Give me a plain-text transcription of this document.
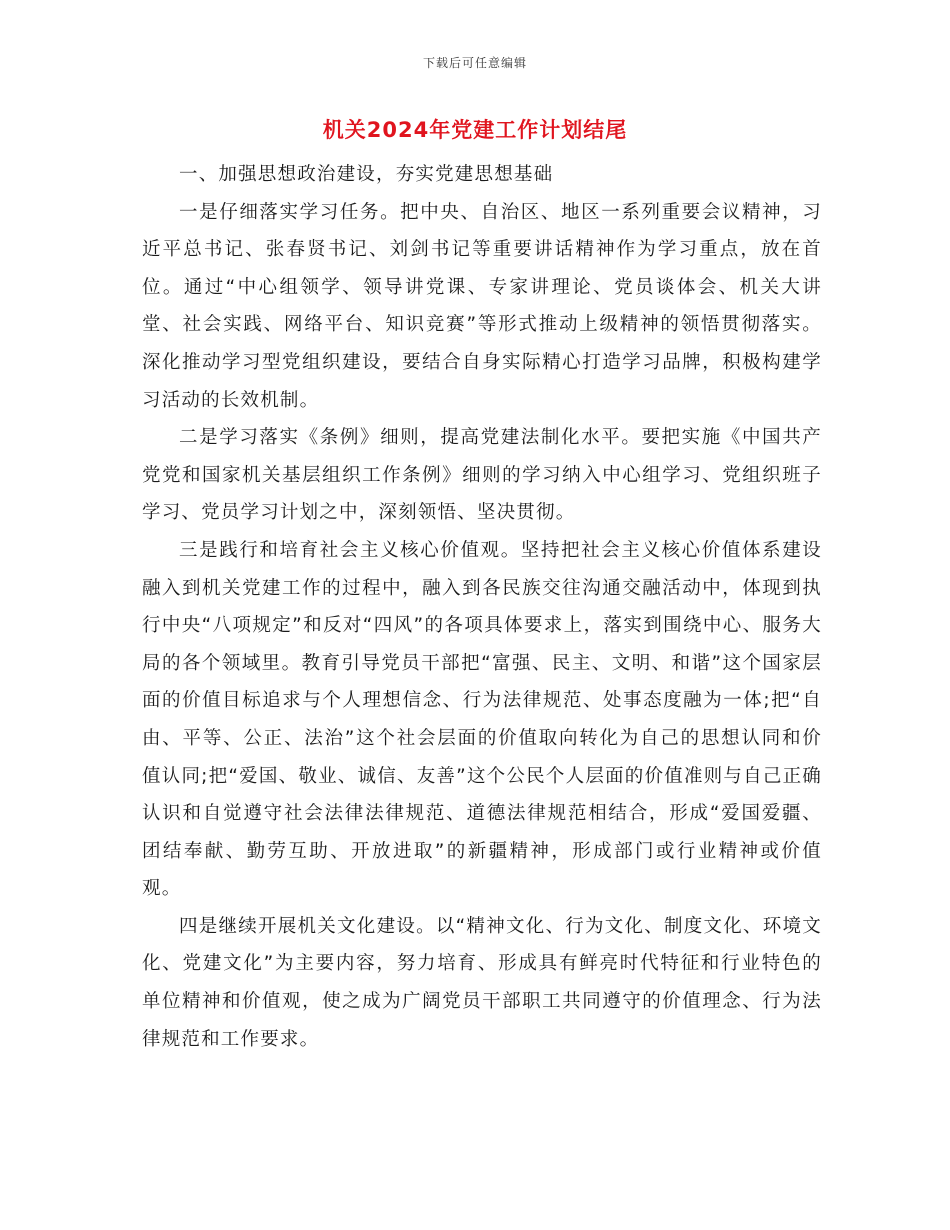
下载后可任意编辑
机关2024年党建工作计划结尾

一、加强思想政治建设，夯实党建思想基础

一是仔细落实学习任务。把中央、自治区、地区一系列重要会议精神，习近平总书记、张春贤书记、刘剑书记等重要讲话精神作为学习重点，放在首位。通过“中心组领学、领导讲党课、专家讲理论、党员谈体会、机关大讲堂、社会实践、网络平台、知识竞赛”等形式推动上级精神的领悟贯彻落实。深化推动学习型党组织建设，要结合自身实际精心打造学习品牌，积极构建学习活动的长效机制。

二是学习落实《条例》细则，提高党建法制化水平。要把实施《中国共产党党和国家机关基层组织工作条例》细则的学习纳入中心组学习、党组织班子学习、党员学习计划之中，深刻领悟、坚决贯彻。

三是践行和培育社会主义核心价值观。坚持把社会主义核心价值体系建设融入到机关党建工作的过程中，融入到各民族交往沟通交融活动中，体现到执行中央“八项规定”和反对“四风”的各项具体要求上，落实到围绕中心、服务大局的各个领域里。教育引导党员干部把“富强、民主、文明、和谐”这个国家层面的价值目标追求与个人理想信念、行为法律规范、处事态度融为一体;把“自由、平等、公正、法治”这个社会层面的价值取向转化为自己的思想认同和价值认同;把“爱国、敬业、诚信、友善”这个公民个人层面的价值准则与自己正确认识和自觉遵守社会法律法律规范、道德法律规范相结合，形成“爱国爱疆、团结奉献、勤劳互助、开放进取”的新疆精神，形成部门或行业精神或价值观。

四是继续开展机关文化建设。以“精神文化、行为文化、制度文化、环境文化、党建文化”为主要内容，努力培育、形成具有鲜亮时代特征和行业特色的单位精神和价值观，使之成为广阔党员干部职工共同遵守的价值理念、行为法律规范和工作要求。
